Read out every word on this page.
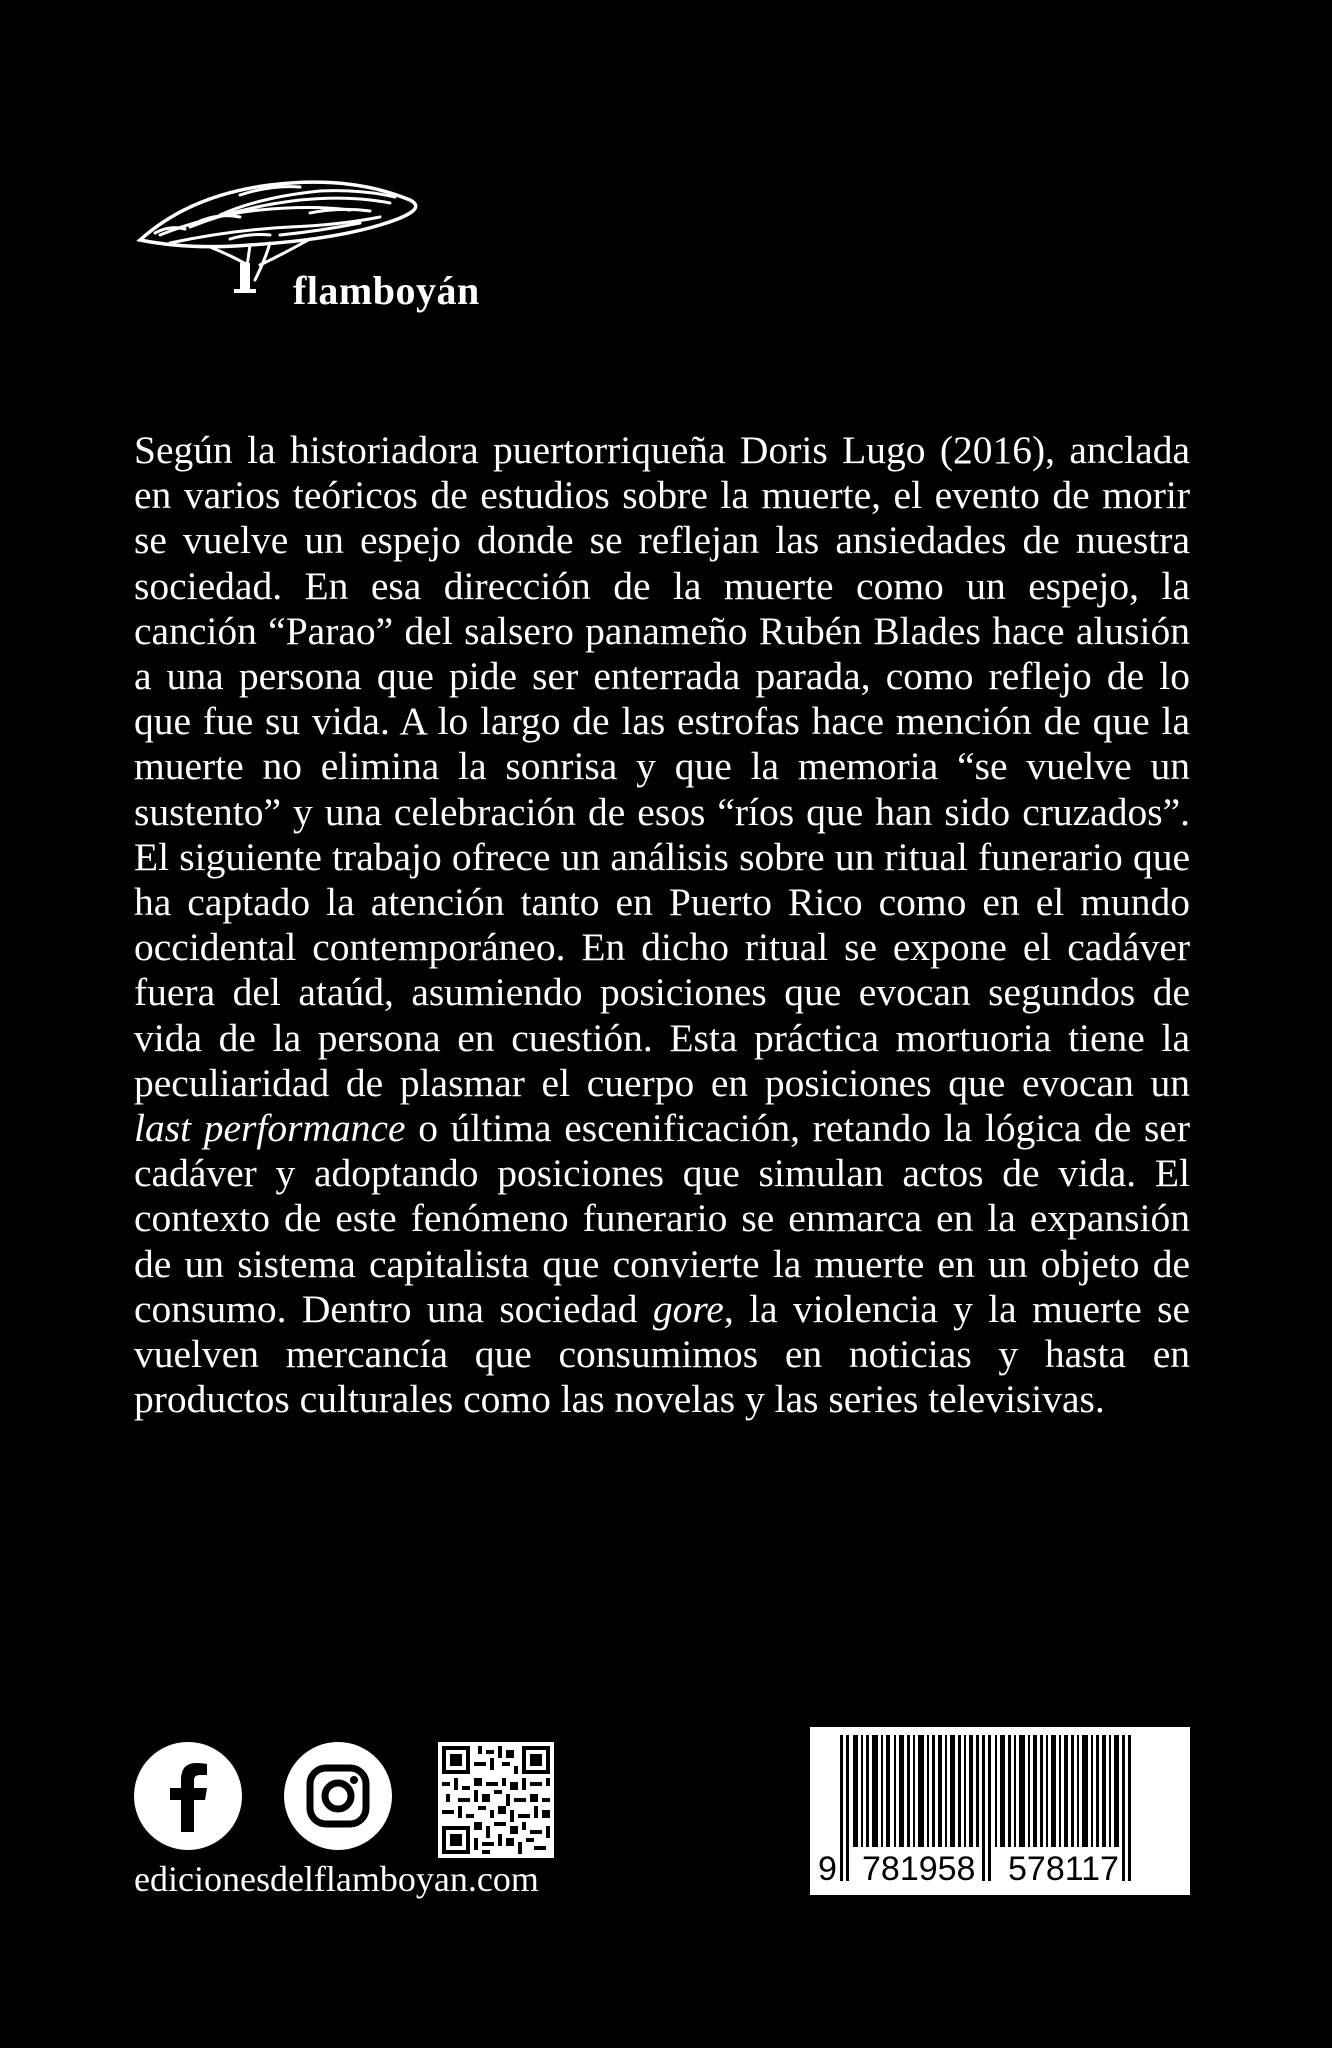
flamboyán

Según la historiadora puertorriqueña Doris Lugo (2016), anclada en varios teóricos de estudios sobre la muerte, el evento de morir se vuelve un espejo donde se reflejan las ansiedades de nuestra sociedad. En esa dirección de la muerte como un espejo, la canción “Parao” del salsero panameño Rubén Blades hace alusión a una persona que pide ser enterrada parada, como reflejo de lo que fue su vida. A lo largo de las estrofas hace mención de que la muerte no elimina la sonrisa y que la memoria “se vuelve un sustento” y una celebración de esos “ríos que han sido cruzados”. El siguiente trabajo ofrece un análisis sobre un ritual funerario que ha captado la atención tanto en Puerto Rico como en el mundo occidental contemporáneo. En dicho ritual se expone el cadáver fuera del ataúd, asumiendo posiciones que evocan segundos de vida de la persona en cuestión. Esta práctica mortuoria tiene la peculiaridad de plasmar el cuerpo en posiciones que evocan un last performance o última escenificación, retando la lógica de ser cadáver y adoptando posiciones que simulan actos de vida. El contexto de este fenómeno funerario se enmarca en la expansión de un sistema capitalista que convierte la muerte en un objeto de consumo. Dentro una sociedad gore, la violencia y la muerte se vuelven mercancía que consumimos en noticias y hasta en productos culturales como las novelas y las series televisivas.

edicionesdelflamboyan.com	9 781958 578117
